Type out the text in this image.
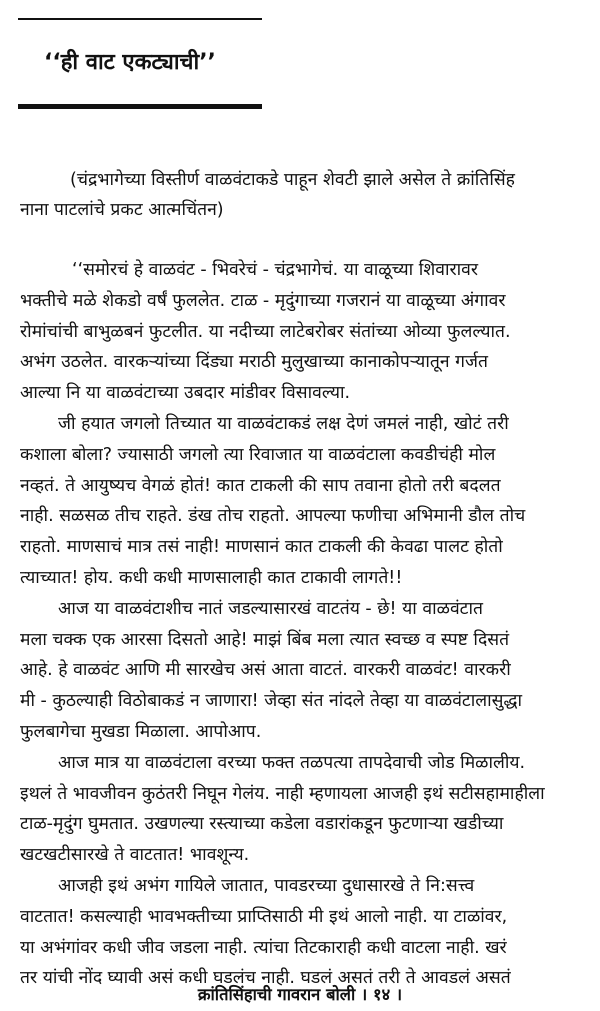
‘‘ही वाट एकट्याची’’

(चंद्रभागेच्या विस्तीर्ण वाळवंटाकडे पाहून शेवटी झाले असेल ते क्रांतिसिंह
नाना पाटलांचे प्रकट आत्मचिंतन)

‘‘समोरचं हे वाळवंट - भिवरेचं - चंद्रभागेचं. या वाळूच्या शिवारावर
भक्तीचे मळे शेकडो वर्षं फुललेत. टाळ - मृदुंगाच्या गजरानं या वाळूच्या अंगावर
रोमांचांची बाभुळबनं फुटलीत. या नदीच्या लाटेबरोबर संतांच्या ओव्या फुलल्यात.
अभंग उठलेत. वारकऱ्यांच्या दिंड्या मराठी मुलुखाच्या कानाकोपऱ्यातून गर्जत
आल्या नि या वाळवंटाच्या उबदार मांडीवर विसावल्या.

जी हयात जगलो तिच्यात या वाळवंटाकडं लक्ष देणं जमलं नाही, खोटं तरी
कशाला बोला? ज्यासाठी जगलो त्या रिवाजात या वाळवंटाला कवडीचंही मोल
नव्हतं. ते आयुष्यच वेगळं होतं! कात टाकली की साप तवाना होतो तरी बदलत
नाही. सळसळ तीच राहते. डंख तोच राहतो. आपल्या फणीचा अभिमानी डौल तोच
राहतो. माणसाचं मात्र तसं नाही! माणसानं कात टाकली की केवढा पालट होतो
त्याच्यात! होय. कधी कधी माणसालाही कात टाकावी लागते!!

आज या वाळवंटाशीच नातं जडल्यासारखं वाटतंय - छे! या वाळवंटात
मला चक्क एक आरसा दिसतो आहे! माझं बिंब मला त्यात स्वच्छ व स्पष्ट दिसतं
आहे. हे वाळवंट आणि मी सारखेच असं आता वाटतं. वारकरी वाळवंट! वारकरी
मी - कुठल्याही विठोबाकडं न जाणारा! जेव्हा संत नांदले तेव्हा या वाळवंटालासुद्धा
फुलबागेचा मुखडा मिळाला. आपोआप.

आज मात्र या वाळवंटाला वरच्या फक्त तळपत्या तापदेवाची जोड मिळालीय.
इथलं ते भावजीवन कुठंतरी निघून गेलंय. नाही म्हणायला आजही इथं सटीसहामाहीला
टाळ-मृदुंग घुमतात. उखणल्या रस्त्याच्या कडेला वडारांकडून फुटणाऱ्या खडीच्या
खटखटीसारखे ते वाटतात! भावशून्य.

आजही इथं अभंग गायिले जातात, पावडरच्या दुधासारखे ते नि:सत्त्व
वाटतात! कसल्याही भावभक्तीच्या प्राप्तिसाठी मी इथं आलो नाही. या टाळांवर,
या अभंगांवर कधी जीव जडला नाही. त्यांचा तिटकाराही कधी वाटला नाही. खरं
तर यांची नोंद घ्यावी असं कधी घडलंच नाही. घडलं असतं तरी ते आवडलं असतं

क्रांतिसिंहाची गावरान बोली । १४ ।
